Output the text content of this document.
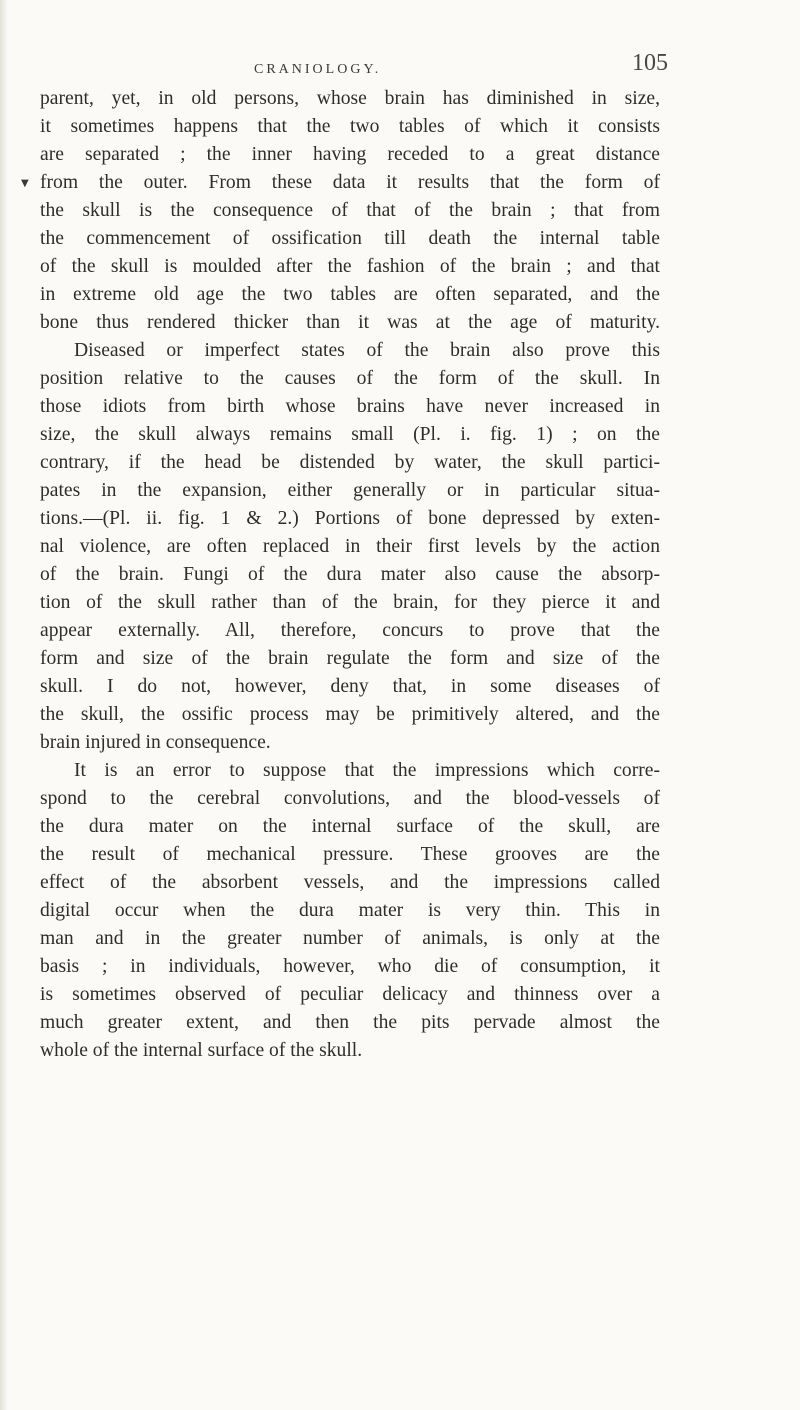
CRANIOLOGY.	105
▼
parent, yet, in old persons, whose brain has diminished in size,
it sometimes happens that the two tables of which it consists
are separated ; the inner having receded to a great distance
from the outer. From these data it results that the form of
the skull is the consequence of that of the brain ; that from
the commencement of ossification till death the internal table
of the skull is moulded after the fashion of the brain ; and that
in extreme old age the two tables are often separated, and the
bone thus rendered thicker than it was at the age of maturity.
Diseased or imperfect states of the brain also prove this
position relative to the causes of the form of the skull. In
those idiots from birth whose brains have never increased in
size, the skull always remains small (Pl. i. fig. 1) ; on the
contrary, if the head be distended by water, the skull partici-
pates in the expansion, either generally or in particular situa-
tions.—(Pl. ii. fig. 1 & 2.) Portions of bone depressed by exten-
nal violence, are often replaced in their first levels by the action
of the brain. Fungi of the dura mater also cause the absorp-
tion of the skull rather than of the brain, for they pierce it and
appear externally. All, therefore, concurs to prove that the
form and size of the brain regulate the form and size of the
skull. I do not, however, deny that, in some diseases of
the skull, the ossific process may be primitively altered, and the
brain injured in consequence.
It is an error to suppose that the impressions which corre-
spond to the cerebral convolutions, and the blood-vessels of
the dura mater on the internal surface of the skull, are
the result of mechanical pressure. These grooves are the
effect of the absorbent vessels, and the impressions called
digital occur when the dura mater is very thin. This in
man and in the greater number of animals, is only at the
basis ; in individuals, however, who die of consumption, it
is sometimes observed of peculiar delicacy and thinness over a
much greater extent, and then the pits pervade almost the
whole of the internal surface of the skull.
